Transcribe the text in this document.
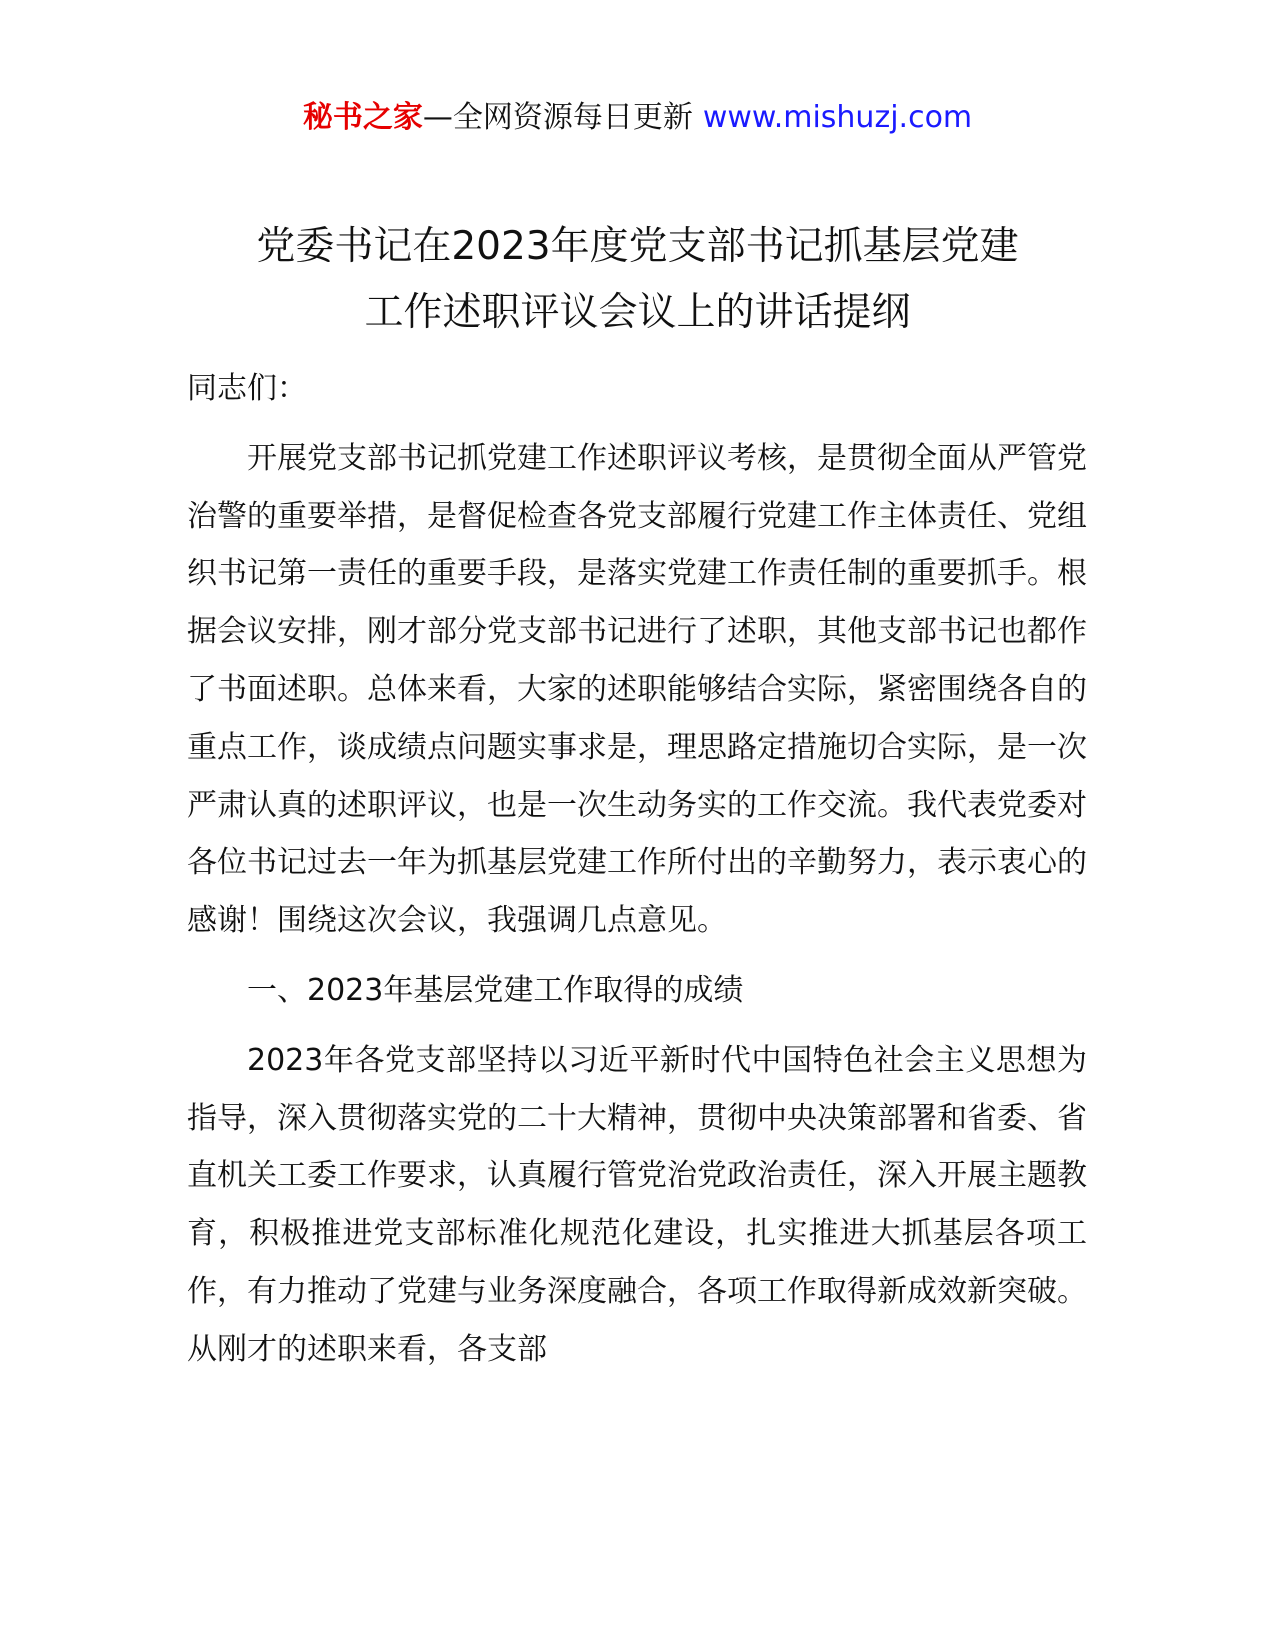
秘书之家—全网资源每日更新 www.mishuzj.com
党委书记在2023年度党支部书记抓基层党建
工作述职评议会议上的讲话提纲

同志们：

开展党支部书记抓党建工作述职评议考核，是贯彻全面从严管党治警的重要举措，是督促检查各党支部履行党建工作主体责任、党组织书记第一责任的重要手段，是落实党建工作责任制的重要抓手。根据会议安排，刚才部分党支部书记进行了述职，其他支部书记也都作了书面述职。总体来看，大家的述职能够结合实际，紧密围绕各自的重点工作，谈成绩点问题实事求是，理思路定措施切合实际，是一次严肃认真的述职评议，也是一次生动务实的工作交流。我代表党委对各位书记过去一年为抓基层党建工作所付出的辛勤努力，表示衷心的感谢！围绕这次会议，我强调几点意见。

一、2023年基层党建工作取得的成绩

2023年各党支部坚持以习近平新时代中国特色社会主义思想为指导，深入贯彻落实党的二十大精神，贯彻中央决策部署和省委、省直机关工委工作要求，认真履行管党治党政治责任，深入开展主题教育，积极推进党支部标准化规范化建设，扎实推进大抓基层各项工作，有力推动了党建与业务深度融合，各项工作取得新成效新突破。从刚才的述职来看，各支部
